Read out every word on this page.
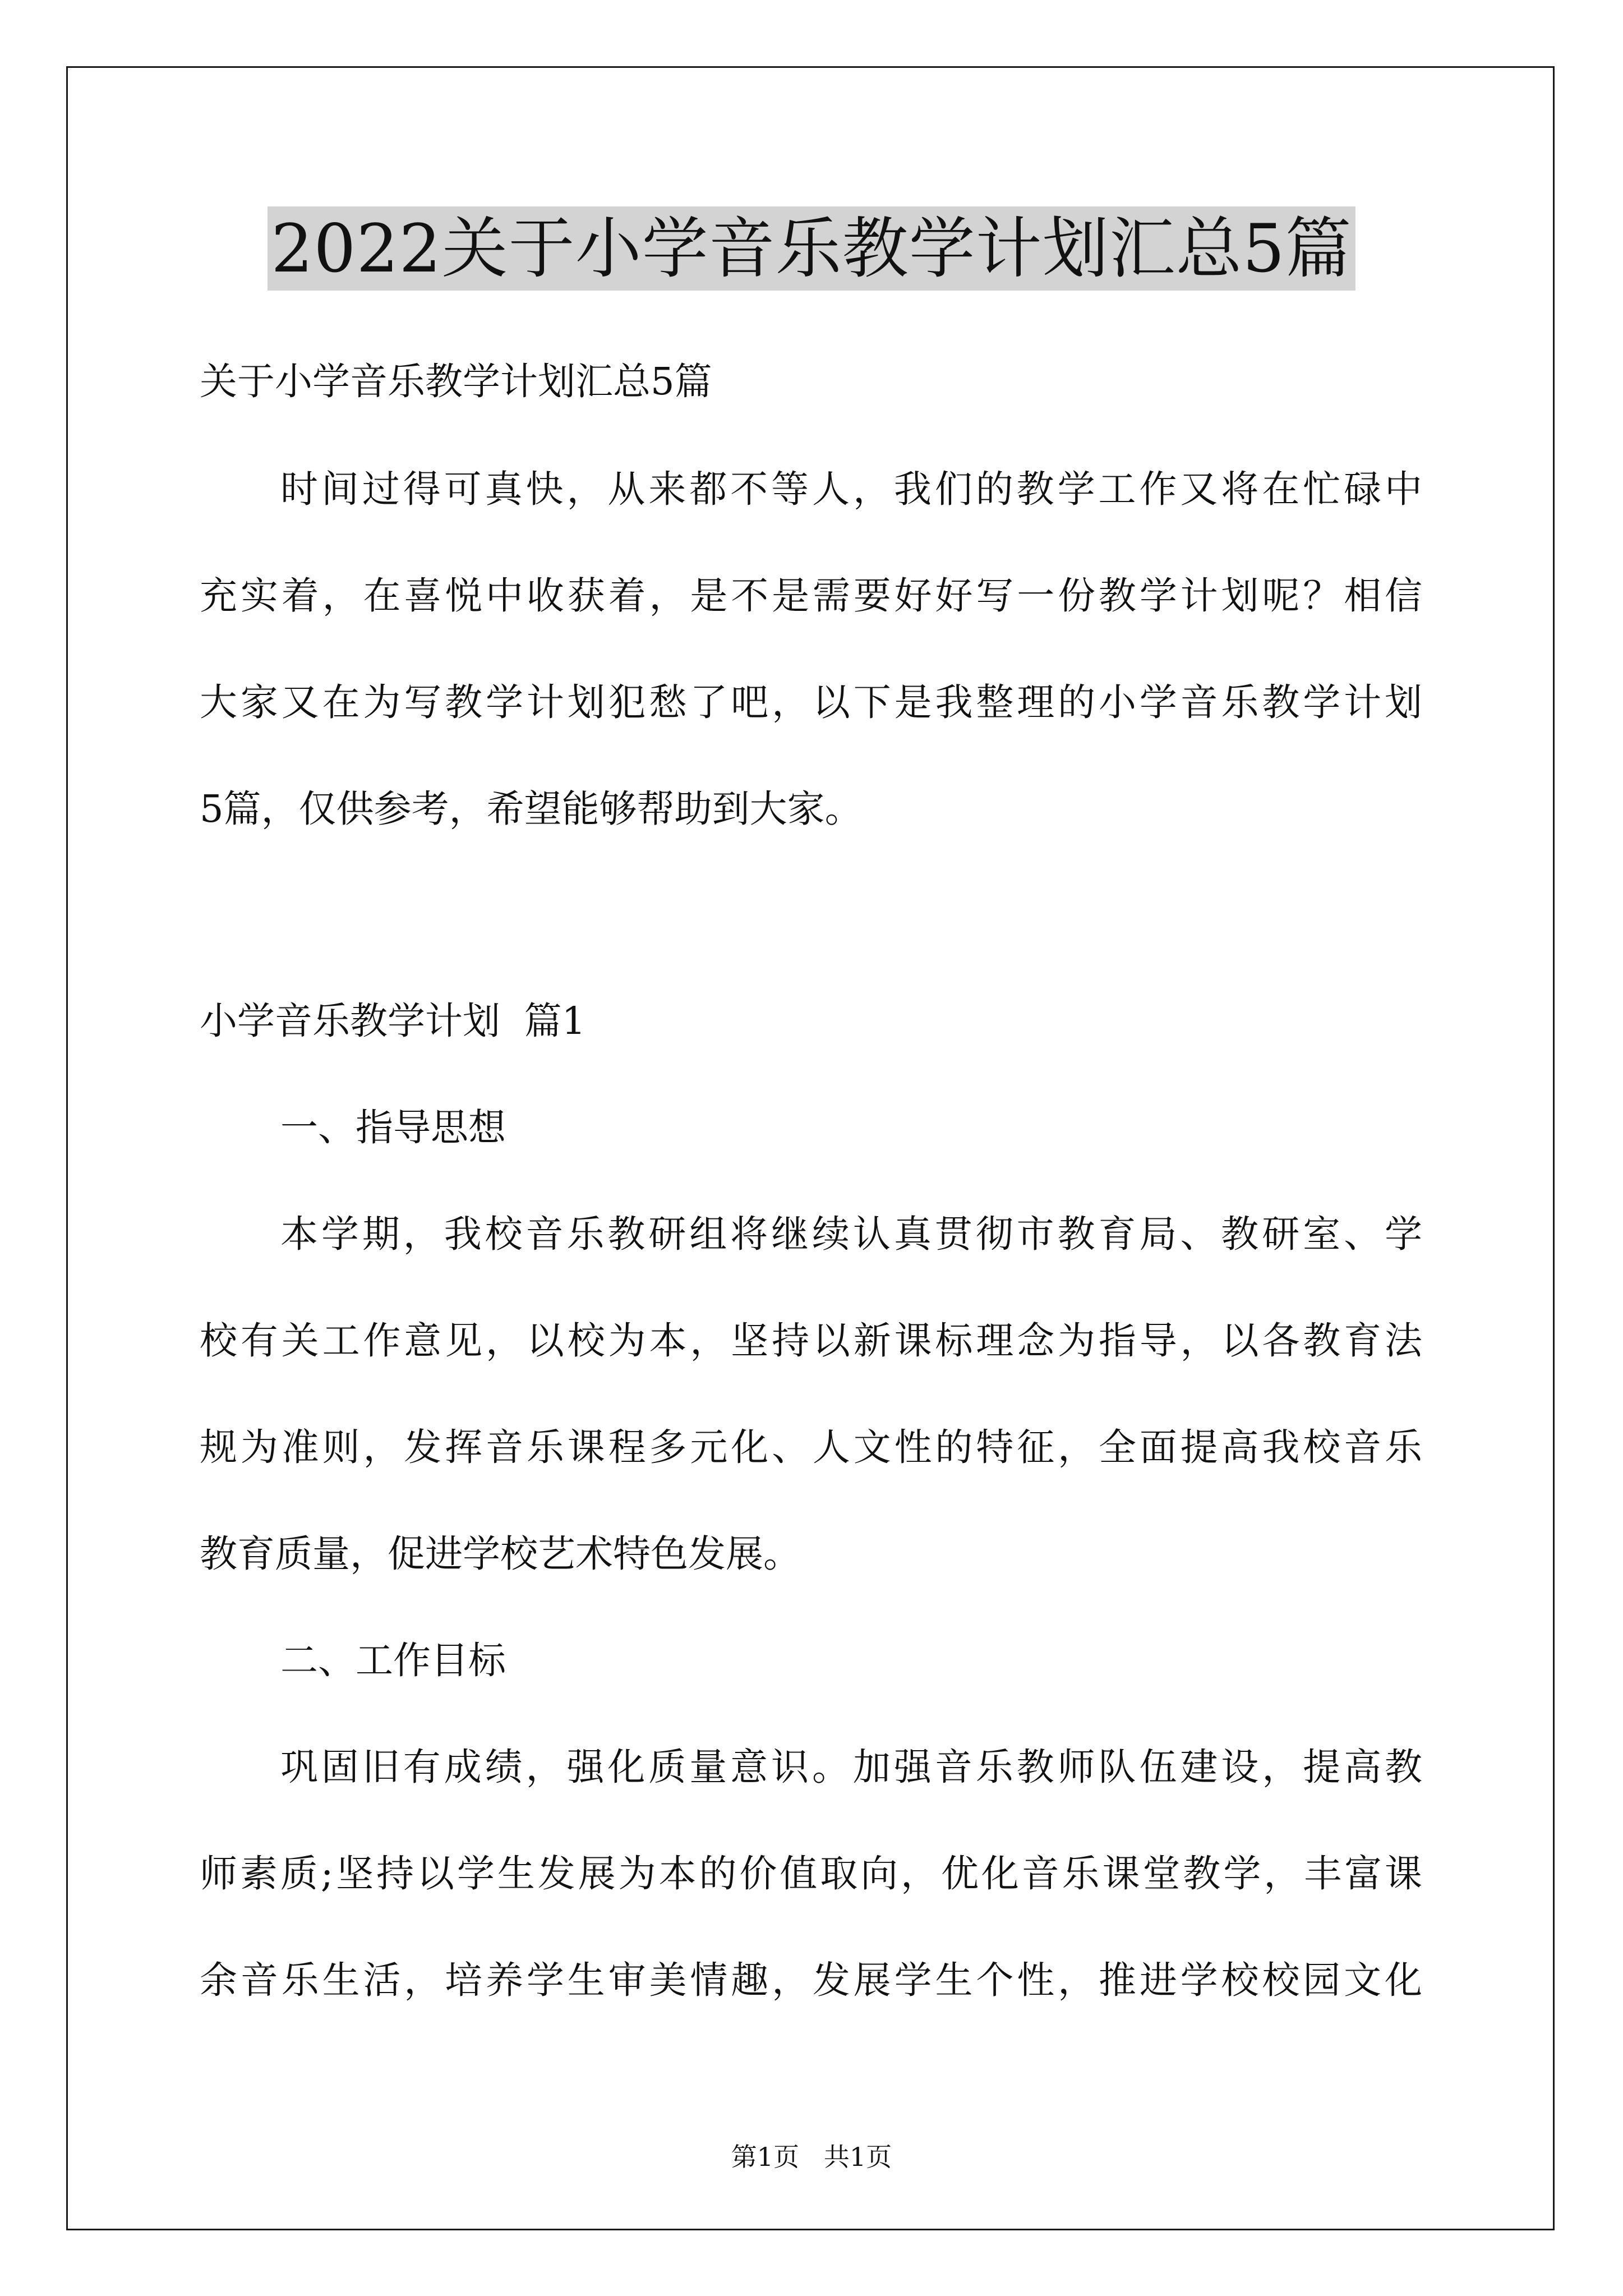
2022关于小学音乐教学计划汇总5篇
关于小学音乐教学计划汇总5篇
时间过得可真快，从来都不等人，我们的教学工作又将在忙碌中
充实着，在喜悦中收获着，是不是需要好好写一份教学计划呢？相信
大家又在为写教学计划犯愁了吧，以下是我整理的小学音乐教学计划
5篇，仅供参考，希望能够帮助到大家。
小学音乐教学计划  篇1
一、指导思想
本学期，我校音乐教研组将继续认真贯彻市教育局、教研室、学
校有关工作意见，以校为本，坚持以新课标理念为指导，以各教育法
规为准则，发挥音乐课程多元化、人文性的特征，全面提高我校音乐
教育质量，促进学校艺术特色发展。
二、工作目标
巩固旧有成绩，强化质量意识。加强音乐教师队伍建设，提高教
师素质;坚持以学生发展为本的价值取向，优化音乐课堂教学，丰富课
余音乐生活，培养学生审美情趣，发展学生个性，推进学校校园文化
第1页   共1页
